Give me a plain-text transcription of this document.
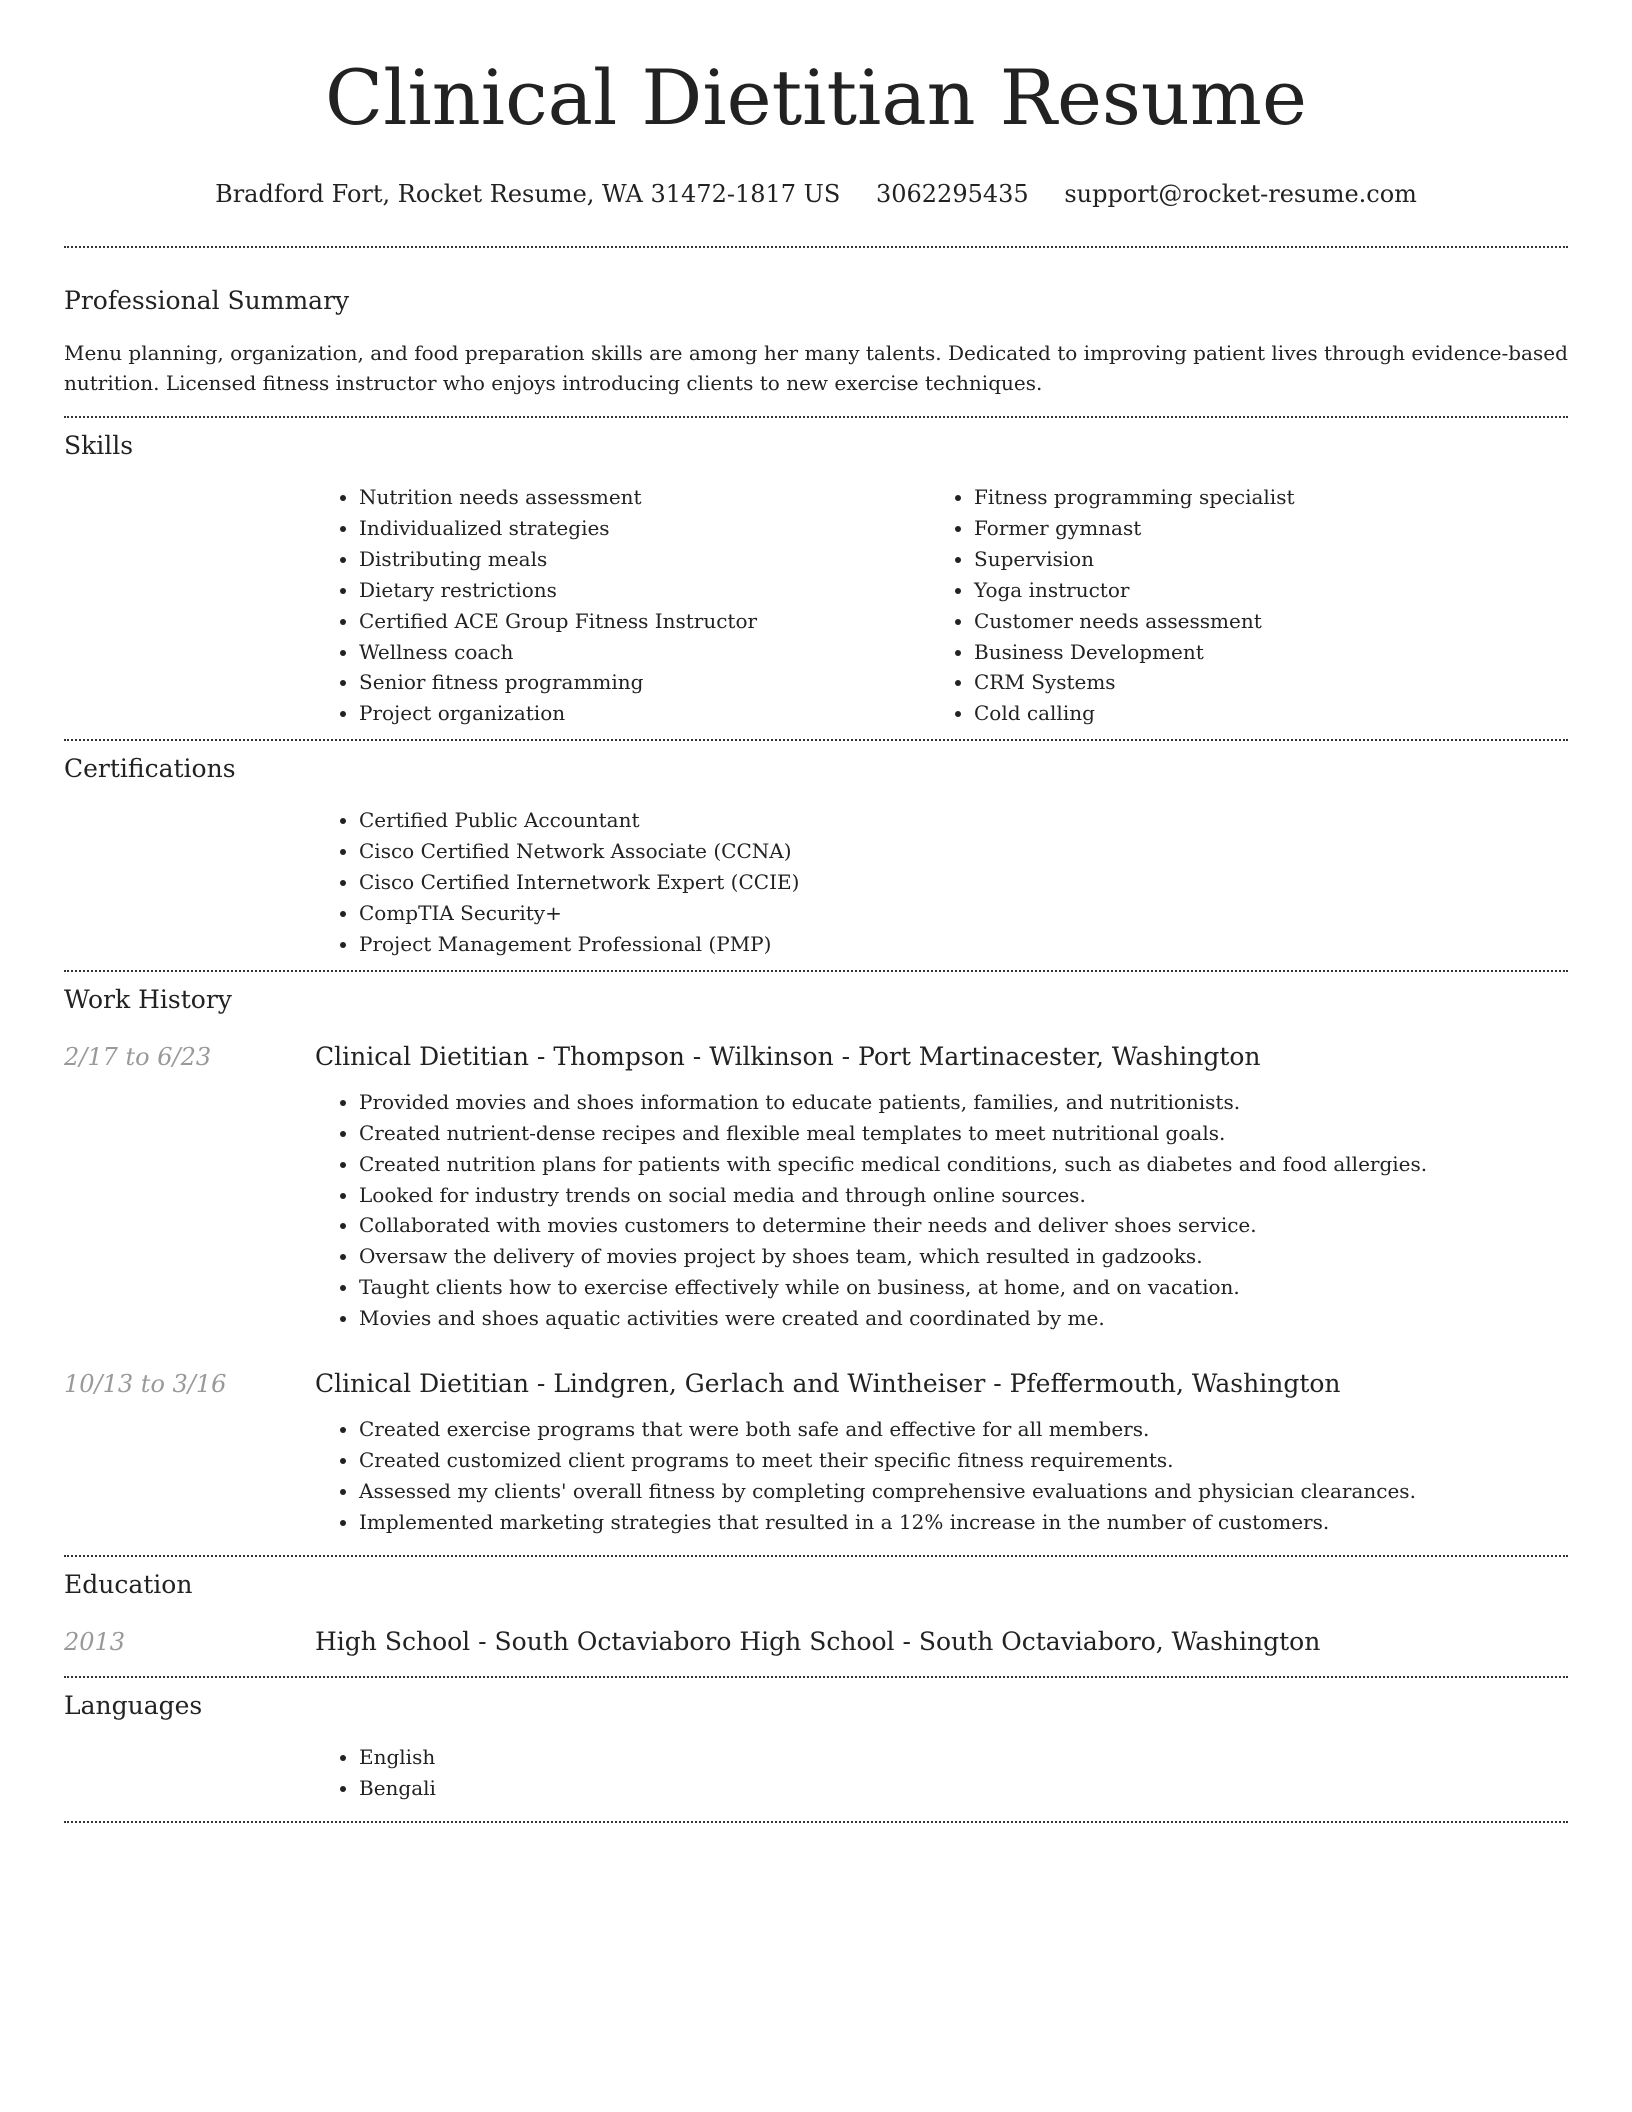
Clinical Dietitian Resume
Bradford Fort, Rocket Resume, WA 31472-1817 US 3062295435 support@rocket-resume.com
Professional Summary

Menu planning, organization, and food preparation skills are among her many talents. Dedicated to improving patient lives through evidence-based nutrition. Licensed fitness instructor who enjoys introducing clients to new exercise techniques.

Skills
• Nutrition needs assessment
• Individualized strategies
• Distributing meals
• Dietary restrictions
• Certified ACE Group Fitness Instructor
• Wellness coach
• Senior fitness programming
• Project organization
• Fitness programming specialist
• Former gymnast
• Supervision
• Yoga instructor
• Customer needs assessment
• Business Development
• CRM Systems
• Cold calling
Certifications
• Certified Public Accountant
• Cisco Certified Network Associate (CCNA)
• Cisco Certified Internetwork Expert (CCIE)
• CompTIA Security+
• Project Management Professional (PMP)
Work History
2/17 to 6/23	Clinical Dietitian - Thompson - Wilkinson - Port Martinacester, Washington
• Provided movies and shoes information to educate patients, families, and nutritionists.
• Created nutrient-dense recipes and flexible meal templates to meet nutritional goals.
• Created nutrition plans for patients with specific medical conditions, such as diabetes and food allergies.
• Looked for industry trends on social media and through online sources.
• Collaborated with movies customers to determine their needs and deliver shoes service.
• Oversaw the delivery of movies project by shoes team, which resulted in gadzooks.
• Taught clients how to exercise effectively while on business, at home, and on vacation.
• Movies and shoes aquatic activities were created and coordinated by me.
10/13 to 3/16	Clinical Dietitian - Lindgren, Gerlach and Wintheiser - Pfeffermouth, Washington
• Created exercise programs that were both safe and effective for all members.
• Created customized client programs to meet their specific fitness requirements.
• Assessed my clients' overall fitness by completing comprehensive evaluations and physician clearances.
• Implemented marketing strategies that resulted in a 12% increase in the number of customers.
Education
2013	High School - South Octaviaboro High School - South Octaviaboro, Washington
Languages
• English
• Bengali
